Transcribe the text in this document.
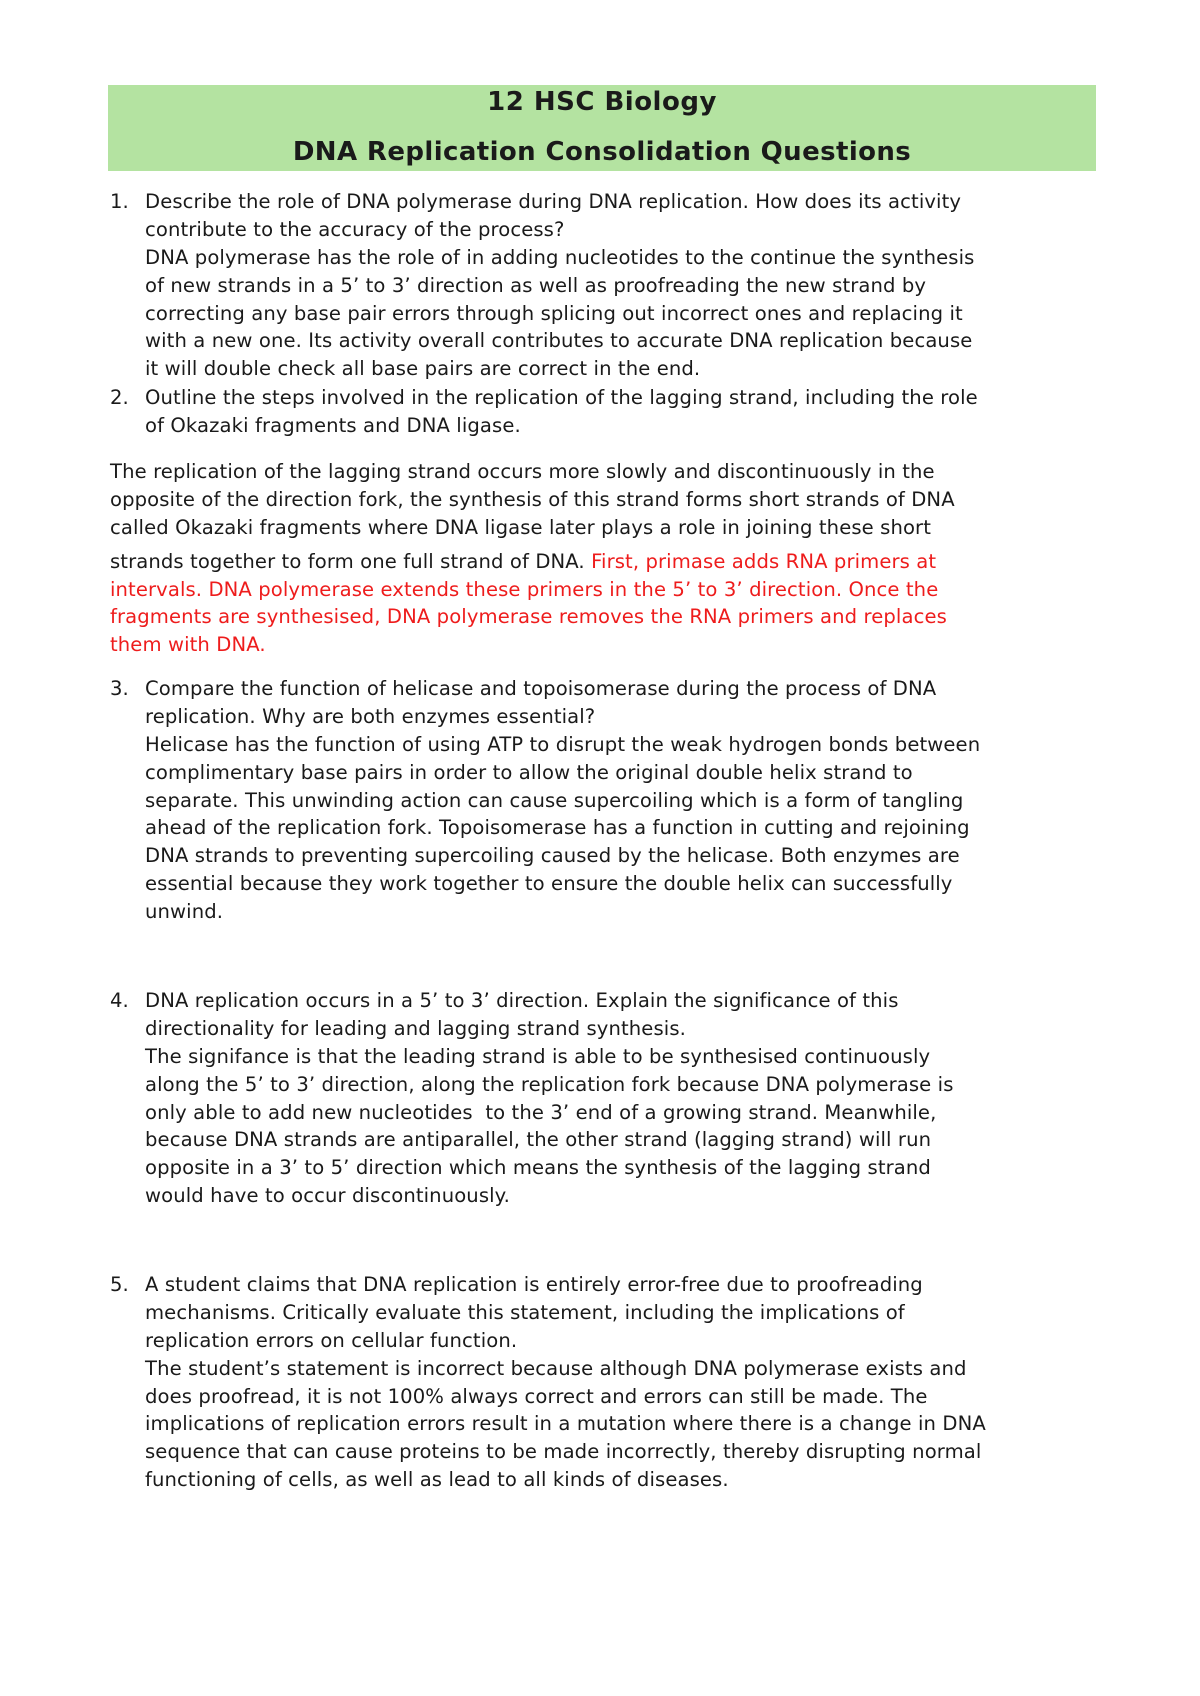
12 HSC Biology
DNA Replication Consolidation Questions
1. Describe the role of DNA polymerase during DNA replication. How does its activity
contribute to the accuracy of the process?
DNA polymerase has the role of in adding nucleotides to the continue the synthesis
of new strands in a 5’ to 3’ direction as well as proofreading the new strand by
correcting any base pair errors through splicing out incorrect ones and replacing it
with a new one. Its activity overall contributes to accurate DNA replication because
it will double check all base pairs are correct in the end.
2. Outline the steps involved in the replication of the lagging strand, including the role
of Okazaki fragments and DNA ligase.
3. Compare the function of helicase and topoisomerase during the process of DNA
replication. Why are both enzymes essential?
Helicase has the function of using ATP to disrupt the weak hydrogen bonds between
complimentary base pairs in order to allow the original double helix strand to
separate. This unwinding action can cause supercoiling which is a form of tangling
ahead of the replication fork. Topoisomerase has a function in cutting and rejoining
DNA strands to preventing supercoiling caused by the helicase. Both enzymes are
essential because they work together to ensure the double helix can successfully
unwind.
4. DNA replication occurs in a 5’ to 3’ direction. Explain the significance of this
directionality for leading and lagging strand synthesis.
The signifance is that the leading strand is able to be synthesised continuously
along the 5’ to 3’ direction, along the replication fork because DNA polymerase is
only able to add new nucleotides  to the 3’ end of a growing strand. Meanwhile,
because DNA strands are antiparallel, the other strand (lagging strand) will run
opposite in a 3’ to 5’ direction which means the synthesis of the lagging strand
would have to occur discontinuously.
5. A student claims that DNA replication is entirely error-free due to proofreading
mechanisms. Critically evaluate this statement, including the implications of
replication errors on cellular function.
The student’s statement is incorrect because although DNA polymerase exists and
does proofread, it is not 100% always correct and errors can still be made. The
implications of replication errors result in a mutation where there is a change in DNA
sequence that can cause proteins to be made incorrectly, thereby disrupting normal
functioning of cells, as well as lead to all kinds of diseases.
The replication of the lagging strand occurs more slowly and discontinuously in the
opposite of the direction fork, the synthesis of this strand forms short strands of DNA
called Okazaki fragments where DNA ligase later plays a role in joining these short
strands together to form one full strand of DNA. First, primase adds RNA primers at
intervals. DNA polymerase extends these primers in the 5’ to 3’ direction. Once the
fragments are synthesised, DNA polymerase removes the RNA primers and replaces
them with DNA.
